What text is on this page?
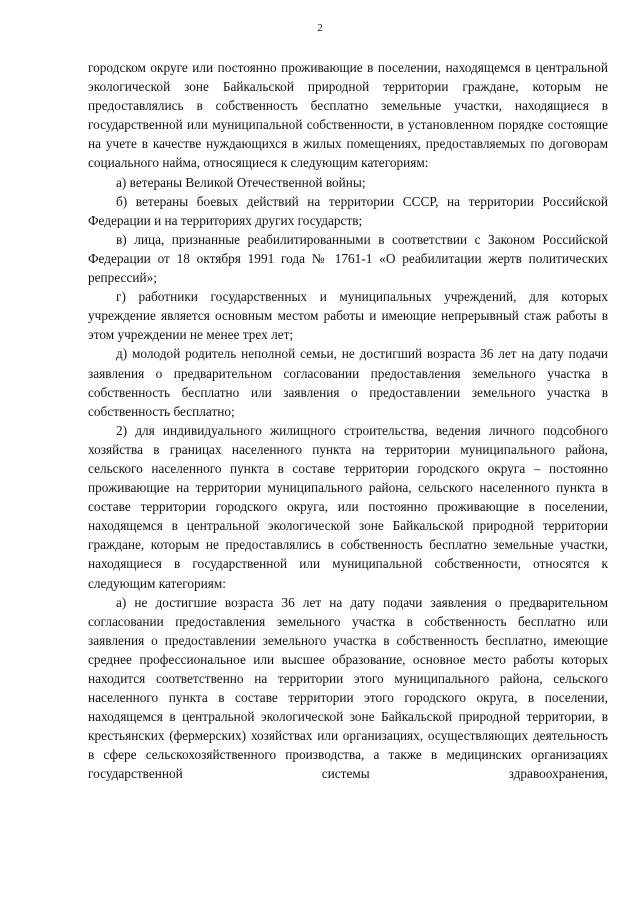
2

городском округе или постоянно проживающие в поселении, находящемся в центральной экологической зоне Байкальской природной территории граждане, которым не предоставлялись в собственность бесплатно земельные участки, находящиеся в государственной или муниципальной собственности, в установленном порядке состоящие на учете в качестве нуждающихся в жилых помещениях, предоставляемых по договорам социального найма, относящиеся к следующим категориям:

а) ветераны Великой Отечественной войны;

б) ветераны боевых действий на территории СССР, на территории Российской Федерации и на территориях других государств;

в) лица, признанные реабилитированными в соответствии с Законом Российской Федерации от 18 октября 1991 года № 1761-1 «О реабилитации жертв политических репрессий»;

г) работники государственных и муниципальных учреждений, для которых учреждение является основным местом работы и имеющие непрерывный стаж работы в этом учреждении не менее трех лет;

д) молодой родитель неполной семьи, не достигший возраста 36 лет на дату подачи заявления о предварительном согласовании предоставления земельного участка в собственность бесплатно или заявления о предоставлении земельного участка в собственность бесплатно;

2) для индивидуального жилищного строительства, ведения личного подсобного хозяйства в границах населенного пункта на территории муниципального района, сельского населенного пункта в составе территории городского округа – постоянно проживающие на территории муниципального района, сельского населенного пункта в составе территории городского округа, или постоянно проживающие в поселении, находящемся в центральной экологической зоне Байкальской природной территории граждане, которым не предоставлялись в собственность бесплатно земельные участки, находящиеся в государственной или муниципальной собственности, относятся к следующим категориям:

а) не достигшие возраста 36 лет на дату подачи заявления о предварительном согласовании предоставления земельного участка в собственность бесплатно или заявления о предоставлении земельного участка в собственность бесплатно, имеющие среднее профессиональное или высшее образование, основное место работы которых находится соответственно на территории этого муниципального района, сельского населенного пункта в составе территории этого городского округа, в поселении, находящемся в центральной экологической зоне Байкальской природной территории, в крестьянских (фермерских) хозяйствах или организациях, осуществляющих деятельность в сфере сельскохозяйственного производства, а также в медицинских организациях государственной системы здравоохранения,
